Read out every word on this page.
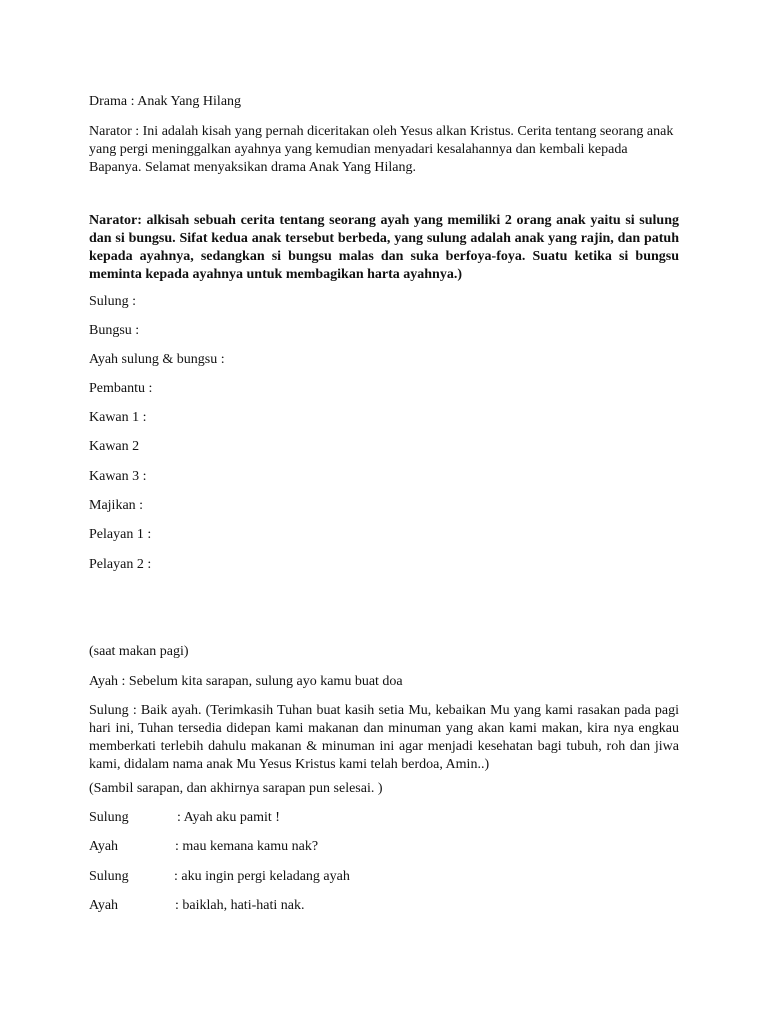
Drama : Anak Yang Hilang

Narator : Ini adalah kisah yang pernah diceritakan oleh Yesus alkan Kristus. Cerita tentang seorang anak yang pergi meninggalkan ayahnya yang kemudian menyadari kesalahannya dan kembali kepada Bapanya. Selamat menyaksikan drama Anak Yang Hilang.

Narator: alkisah sebuah cerita tentang seorang ayah yang memiliki 2 orang anak yaitu si sulung dan si bungsu. Sifat kedua anak tersebut berbeda, yang sulung adalah anak yang rajin, dan patuh kepada ayahnya, sedangkan si bungsu malas dan suka berfoya-foya. Suatu ketika si bungsu meminta kepada ayahnya untuk membagikan harta ayahnya.)

Sulung :

Bungsu :

Ayah sulung & bungsu :

Pembantu :

Kawan 1 :

Kawan 2

Kawan 3 :

Majikan :

Pelayan 1 :

Pelayan 2 :

(saat makan pagi)

Ayah : Sebelum kita sarapan, sulung ayo kamu buat doa

Sulung : Baik ayah. (Terimkasih Tuhan buat kasih setia Mu, kebaikan Mu yang kami rasakan pada pagi hari ini, Tuhan tersedia didepan kami makanan dan minuman yang akan kami makan, kira nya engkau memberkati terlebih dahulu makanan & minuman ini agar menjadi kesehatan bagi tubuh, roh dan jiwa kami, didalam nama anak Mu Yesus Kristus kami telah berdoa, Amin..)

(Sambil sarapan, dan akhirnya sarapan pun selesai. )

Sulung	: Ayah aku pamit !
Ayah	: mau kemana kamu nak?
Sulung	: aku ingin pergi keladang ayah
Ayah	: baiklah, hati-hati nak.
